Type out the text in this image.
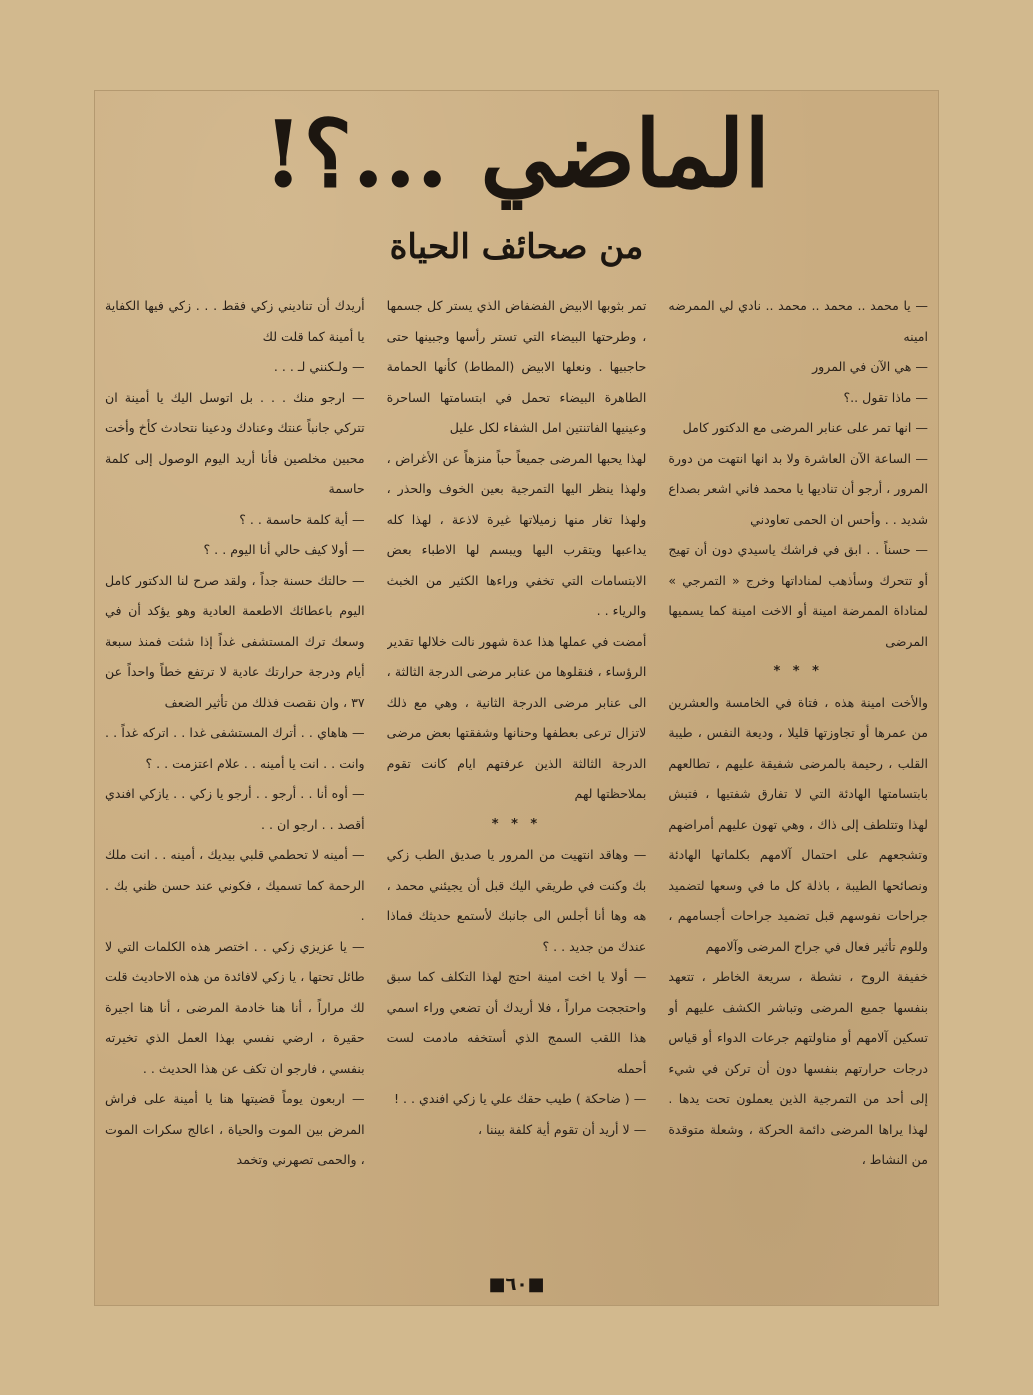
الماضي ...؟!
من صحائف الحياة

— يا محمد .. محمد .. محمد .. نادي لي الممرضه امينه

— هي الآن في المرور

— ماذا تقول ..؟

— انها تمر على عنابر المرضى مع الدكتور كامل

— الساعة الآن العاشرة ولا بد انها انتهت من دورة المرور ، أرجو أن تناديها يا محمد فاني اشعر بصداع شديد . . وأحس ان الحمى تعاودني

— حسناً . . ابق في فراشك ياسيدي دون أن تهيج أو تتحرك وسأذهب لمناداتها وخرج « التمرجي » لمناداة الممرضة امينة أو الاخت امينة كما يسميها المرضى

* * *

والأخت امينة هذه ، فتاة في الخامسة والعشرين من عمرها أو تجاوزتها قليلا ، وديعة النفس ، طيبة القلب ، رحيمة بالمرضى شفيقة عليهم ، تطالعهم بابتسامتها الهادئة التي لا تفارق شفتيها ، فتبش لهذا وتتلطف إلى ذاك ، وهي تهون عليهم أمراضهم وتشجعهم على احتمال آلامهم بكلماتها الهادئة ونصائحها الطيبة ، باذلة كل ما في وسعها لتضميد جراحات نفوسهم قبل تضميد جراحات أجسامهم ، وللوم تأثير فعال في جراح المرضى وآلامهم

خفيفة الروح ، نشطة ، سريعة الخاطر ، تتعهد بنفسها جميع المرضى وتباشر الكشف عليهم أو تسكين آلامهم أو مناولتهم جرعات الدواء أو قياس درجات حرارتهم بنفسها دون أن تركن في شيء إلى أحد من التمرجية الذين يعملون تحت يدها . لهذا يراها المرضى دائمة الحركة ، وشعلة متوقدة من النشاط ،

تمر بثوبها الابيض الفضفاض الذي يستر كل جسمها ، وطرحتها البيضاء التي تستر رأسها وجبينها حتى حاجبيها . ونعلها الابيض (المطاط) كأنها الحمامة الطاهرة البيضاء تحمل في ابتسامتها الساحرة وعينيها الفاتنتين امل الشفاء لكل عليل

لهذا يحبها المرضى جميعاً حباً منزهاً عن الأغراض ، ولهذا ينظر اليها التمرجية بعين الخوف والحذر ، ولهذا تغار منها زميلاتها غيرة لاذعة ، لهذا كله يداعبها ويتقرب اليها ويبسم لها الاطباء بعض الابتسامات التي تخفي وراءها الكثير من الخبث والرياء . .

أمضت في عملها هذا عدة شهور نالت خلالها تقدير الرؤساء ، فنقلوها من عنابر مرضى الدرجة الثالثة ، الى عنابر مرضى الدرجة الثانية ، وهي مع ذلك لاتزال ترعى بعطفها وحنانها وشفقتها بعض مرضى الدرجة الثالثة الذين عرفتهم ايام كانت تقوم بملاحظتها لهم

* * *

— وهاقد انتهيت من المرور يا صديق الطب زكي بك وكنت في طريقي اليك قبل أن يجيئني محمد ، هه وها أنا أجلس الى جانبك لأستمع حديثك فماذا عندك من جديد . . ؟

— أولا يا اخت امينة احتج لهذا التكلف كما سبق واحتججت مراراً ، فلا أريدك أن تضعي وراء اسمي هذا اللقب السمج الذي أستخفه مادمت لست أحمله

— ( ضاحكة ) طيب حقك علي يا زكي افندي . . !

— لا أريد أن تقوم أية كلفة بيننا ،

أريدك أن تناديني زكي فقط . . . زكي فيها الكفاية يا أمينة كما قلت لك

— ولـكنني لـ . . .

— ارجو منك . . . بل اتوسل اليك يا أمينة ان تتركي جانباً عنتك وعنادك ودعينا نتحادث كأخ وأخت محبين مخلصين فأنا أريد اليوم الوصول إلى كلمة حاسمة

— أية كلمة حاسمة . . ؟

— أولا كيف حالي أنا اليوم . . ؟

— حالتك حسنة جداً ، ولقد صرح لنا الدكتور كامل اليوم باعطائك الاطعمة العادية وهو يؤكد أن في وسعك ترك المستشفى غداً إذا شئت فمنذ سبعة أيام ودرجة حرارتك عادية لا ترتفع خطاً واحداً عن ٣٧ ، وان نقصت فذلك من تأثير الضعف

— هاهاي . . أترك المستشفى غدا . . اتركه غداً . . وانت . . انت يا أمينه . . علام اعتزمت . . ؟

— أوه أنا . . أرجو . . أرجو يا زكي . . يازكي افندي أقصد . . ارجو ان . .

— أمينه لا تحطمي قلبي بيديك ، أمينه . . انت ملك الرحمة كما تسميك ، فكوني عند حسن ظني بك . .

— يا عزيزي زكي . . اختصر هذه الكلمات التي لا طائل تحتها ، يا زكي لافائدة من هذه الاحاديث قلت لك مراراً ، أنا هنا خادمة المرضى ، أنا هنا اجيرة حقيرة ، ارضي نفسي بهذا العمل الذي تخيرته بنفسي ، فارجو ان تكف عن هذا الحديث . .

— اربعون يوماً قضيتها هنا يا أمينة على فراش المرض بين الموت والحياة ، اعالج سكرات الموت ، والحمى تصهرني وتخمد

■٦٠■
